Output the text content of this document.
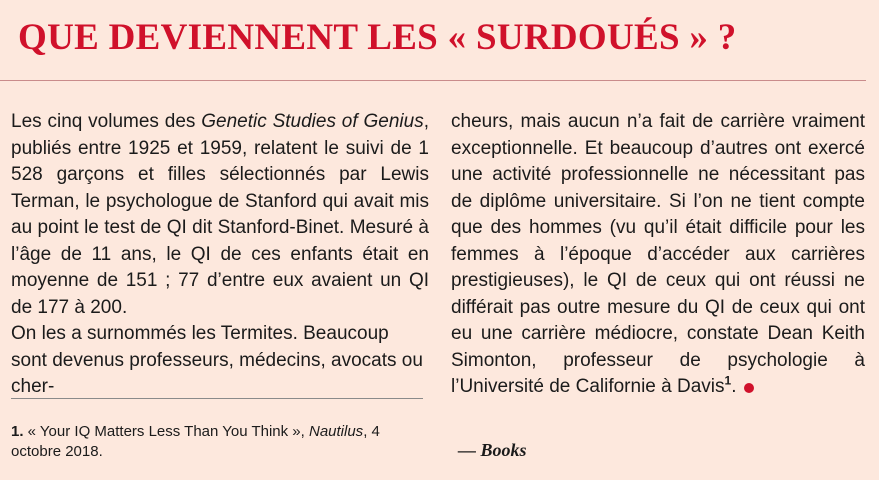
QUE DEVIENNENT LES « SURDOUÉS » ?

Les cinq volumes des Genetic Studies of Genius, publiés entre 1925 et 1959, relatent le suivi de 1 528 garçons et filles sélectionnés par Lewis Terman, le psychologue de Stanford qui avait mis au point le test de QI dit Stanford-Binet. Mesuré à l’âge de 11 ans, le QI de ces enfants était en moyenne de 151 ; 77 d’entre eux avaient un QI de 177 à 200.

On les a surnommés les Termites. Beaucoup sont devenus professeurs, médecins, avocats ou cher-

cheurs, mais aucun n’a fait de carrière vraiment exceptionnelle. Et beaucoup d’autres ont exercé une activité professionnelle ne nécessitant pas de diplôme universitaire. Si l’on ne tient compte que des hommes (vu qu’il était difficile pour les femmes à l’époque d’accéder aux carrières prestigieuses), le QI de ceux qui ont réussi ne différait pas outre mesure du QI de ceux qui ont eu une carrière médiocre, constate Dean Keith Simonton, professeur de psychologie à l’Université de Californie à Davis$^1$.

1. « Your IQ Matters Less Than You Think », Nautilus, 4 octobre 2018.	— Books
